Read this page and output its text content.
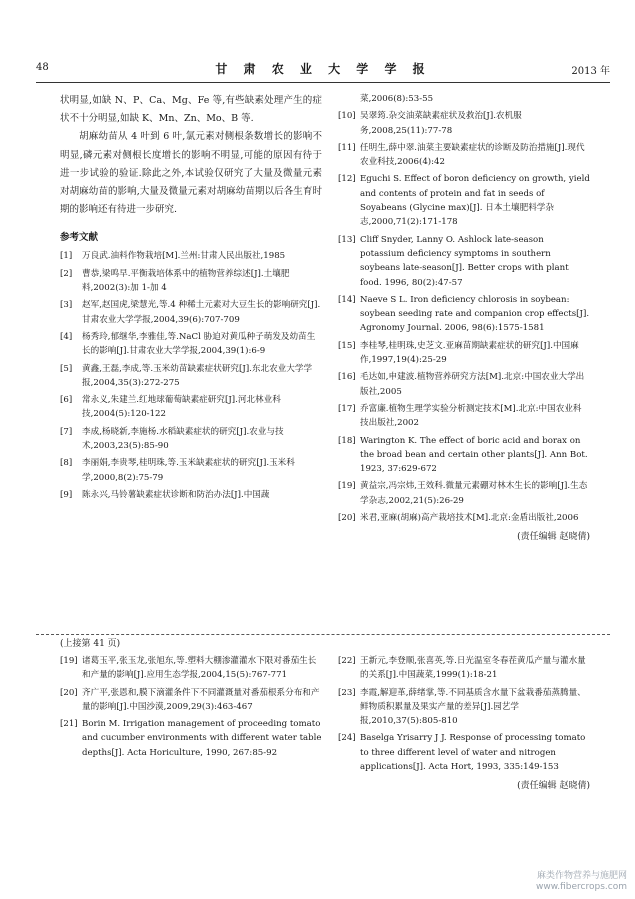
48	甘 肃 农 业 大 学 学 报	2013 年

状明显,如缺 N、P、Ca、Mg、Fe 等,有些缺素处理产生的症状不十分明显,如缺 K、Mn、Zn、Mo、B 等.

胡麻幼苗从 4 叶到 6 叶,氯元素对侧根条数增长的影响不明显,磷元素对侧根长度增长的影响不明显,可能的原因有待于进一步试验的验证.除此之外,本试验仅研究了大量及微量元素对胡麻幼苗的影响,大量及微量元素对胡麻幼苗期以后各生育时期的影响还有待进一步研究.

参考文献
[1] 万良武.油料作物栽培[M].兰州:甘肃人民出版社,1985
[2] 曹恭,梁鸣早.平衡栽培体系中的植物营养综述[J].土壤肥料,2002(3):加 1-加 4
[3] 赵军,赵国虎,梁慧光,等.4 种稀土元素对大豆生长的影响研究[J].甘肃农业大学学报,2004,39(6):707-709
[4] 杨秀玲,郁继华,李雅佳,等.NaCl 胁迫对黄瓜种子萌发及幼苗生长的影响[J].甘肃农业大学学报,2004,39(1):6-9
[5] 黄鑫,王磊,李成,等.玉米幼苗缺素症状研究[J].东北农业大学学报,2004,35(3):272-275
[6] 常永义,朱建兰.红地球葡萄缺素症研究[J].河北林业科技,2004(5):120-122
[7] 李成,杨晓新,李施杨.水稻缺素症状的研究[J].农业与技术,2003,23(5):85-90
[8] 李丽娟,李贵琴,桂明珠,等.玉米缺素症状的研究[J].玉米科学,2000,8(2):75-79
[9] 陈永兴,马铃薯缺素症状诊断和防治办法[J].中国蔬
菜,2006(8):53-55
[10] 吴翠筠.杂交油菜缺素症状及救治[J].农机服务,2008,25(11):77-78
[11] 任明生,薛中翠.油菜主要缺素症状的诊断及防治措施[J].现代农业科技,2006(4):42
[12] Eguchi S. Effect of boron deficiency on growth, yield and contents of protein and fat in seeds of Soyabeans (Glycine max)[J]. 日本土壤肥料学杂志,2000,71(2):171-178
[13] Cliff Snyder, Lanny O. Ashlock late-season potassium deficiency symptoms in southern soybeans late-season[J]. Better crops with plant food. 1996, 80(2):47-57
[14] Naeve S L. Iron deficiency chlorosis in soybean: soybean seeding rate and companion crop effects[J]. Agronomy Journal. 2006, 98(6):1575-1581
[15] 李桂琴,桂明珠,史芝文.亚麻苗期缺素症状的研究[J].中国麻作,1997,19(4):25-29
[16] 毛达如,申建波.植物营养研究方法[M].北京:中国农业大学出版社,2005
[17] 乔富廉.植物生理学实验分析测定技术[M].北京:中国农业科技出版社,2002
[18] Warington K. The effect of boric acid and borax on the broad bean and certain other plants[J]. Ann Bot. 1923, 37:629-672
[19] 黄益宗,冯宗炜,王效科.微量元素硼对林木生长的影响[J].生态学杂志,2002,21(5):26-29
[20] 米君,亚麻(胡麻)高产栽培技术[M].北京:金盾出版社,2006
(责任编辑 赵晓倩)
(上接第 41 页)
[19] 诸葛玉平,张玉龙,张旭东,等.塑料大棚渗灌灌水下限对番茄生长和产量的影响[J].应用生态学报,2004,15(5):767-771
[20] 齐广平,张恩和,膜下滴灌条件下不同灌溉量对番茄根系分布和产量的影响[J].中国沙漠,2009,29(3):463-467
[21] Borin M. Irrigation management of proceeding tomato and cucumber environments with different water table depths[J]. Acta Horiculture, 1990, 267:85-92
[22] 王新元,李登顺,张喜英,等.日光温室冬春茬黄瓜产量与灌水量的关系[J].中国蔬菜,1999(1):18-21
[23] 李霞,解迎革,薛绪掌,等.不同基质含水量下盆栽番茄蒸腾量、鲜物质积累量及果实产量的差异[J].园艺学报,2010,37(5):805-810
[24] Baselga Yrisarry J J. Response of processing tomato to three different level of water and nitrogen applications[J]. Acta Hort, 1993, 335:149-153
(责任编辑 赵晓倩)
麻类作物营养与施肥网
www.fibercrops.com
